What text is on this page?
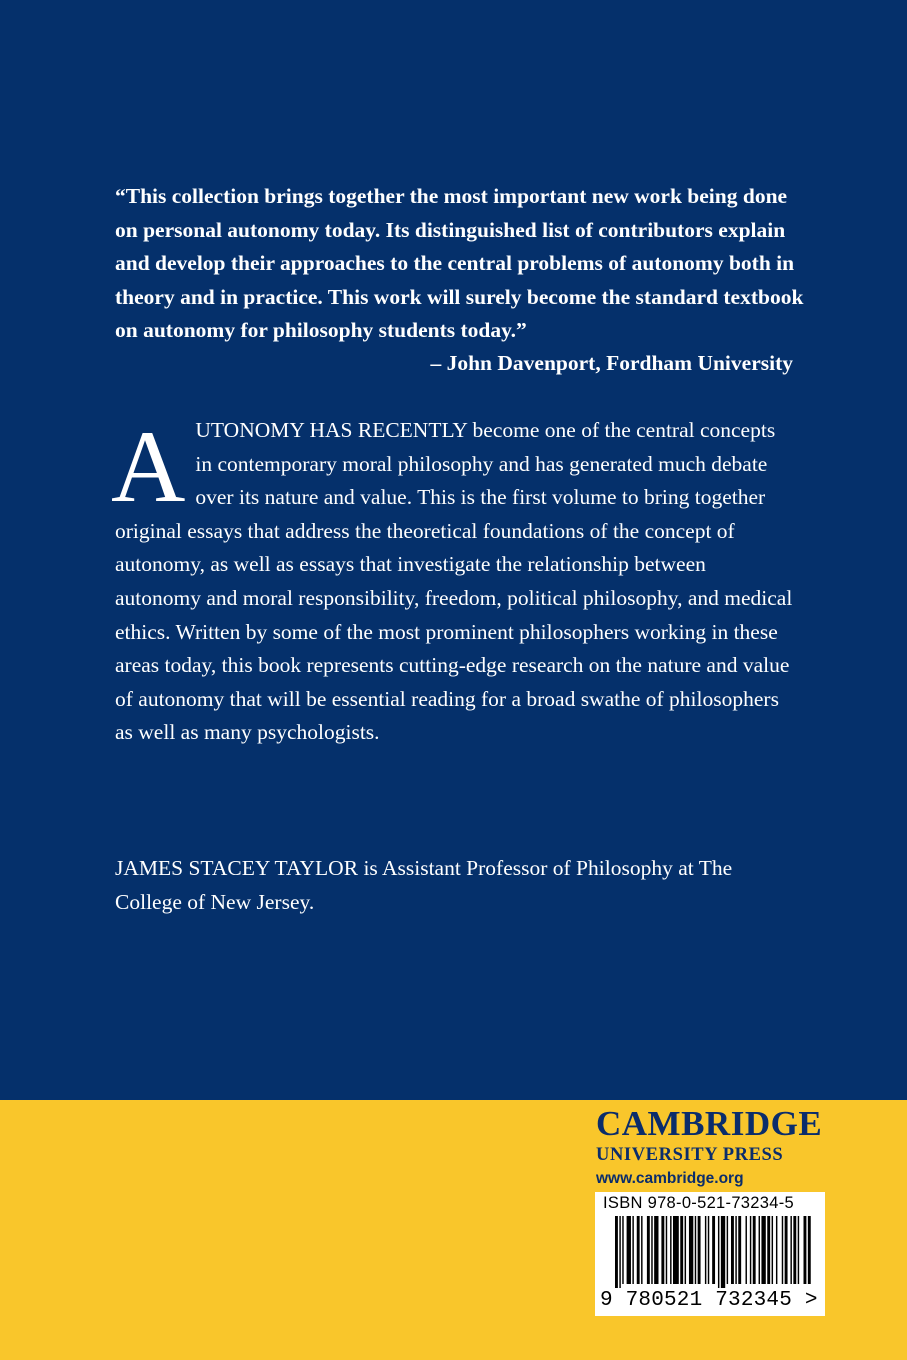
“This collection brings together the most important new work being done on personal autonomy today. Its distinguished list of contributors explain and develop their approaches to the central problems of autonomy both in theory and in practice. This work will surely become the standard textbook on autonomy for philosophy students today.”

– John Davenport, Fordham University

AUTONOMY HAS RECENTLY become one of the central concepts in contemporary moral philosophy and has generated much debate over its nature and value. This is the first volume to bring together original essays that address the theoretical foundations of the concept of autonomy, as well as essays that investigate the relationship between autonomy and moral responsibility, freedom, political philosophy, and medical ethics. Written by some of the most prominent philosophers working in these areas today, this book represents cutting-edge research on the nature and value of autonomy that will be essential reading for a broad swathe of philosophers as well as many psychologists.

JAMES STACEY TAYLOR is Assistant Professor of Philosophy at The College of New Jersey.

CAMBRIDGE
UNIVERSITY PRESS
www.cambridge.org
ISBN 978-0-521-73234-5
9 780521 732345 >
